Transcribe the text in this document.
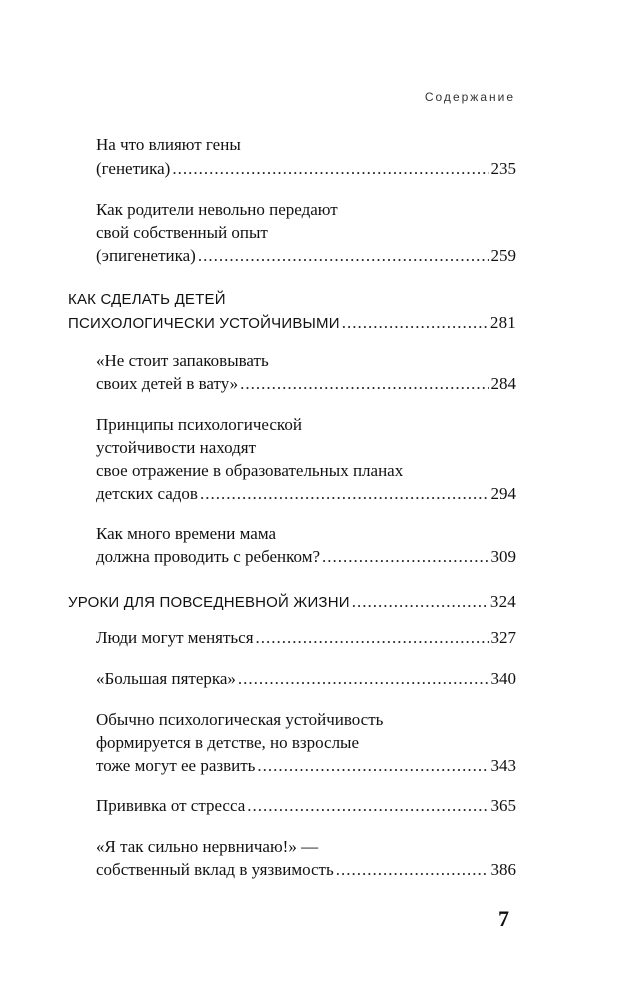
Содержание
На что влияют гены
(генетика) .....	235
Как родители невольно передают
свой собственный опыт
(эпигенетика) .....	259
КАК СДЕЛАТЬ ДЕТЕЙ
ПСИХОЛОГИЧЕСКИ УСТОЙЧИВЫМИ .....	281
«Не стоит запаковывать
своих детей в вату» .....	284
Принципы психологической
устойчивости находят
свое отражение в образовательных планах
детских садов .....	294
Как много времени мама
должна проводить с ребенком? .....	309
УРОКИ ДЛЯ ПОВСЕДНЕВНОЙ ЖИЗНИ .....	324
Люди могут меняться .....	327
«Большая пятерка» .....	340
Обычно психологическая устойчивость
формируется в детстве, но взрослые
тоже могут ее развить .....	343
Прививка от стресса .....	365
«Я так сильно нервничаю!» —
собственный вклад в уязвимость .....	386
7
